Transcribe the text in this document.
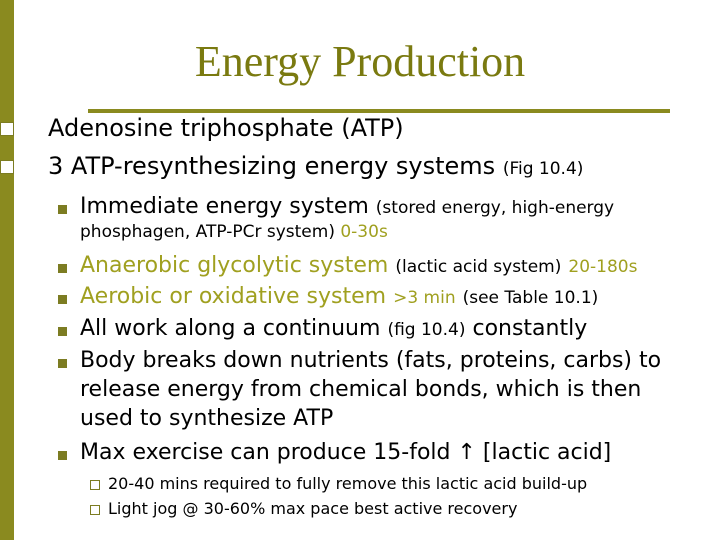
Energy Production
Adenosine triphosphate (ATP)
3 ATP-resynthesizing energy systems (Fig 10.4)
Immediate energy system (stored energy, high-energy
phosphagen, ATP-PCr system) 0-30s
Anaerobic glycolytic system (lactic acid system) 20-180s
Aerobic or oxidative system >3 min (see Table 10.1)
All work along a continuum (fig 10.4) constantly
Body breaks down nutrients (fats, proteins, carbs) to
release energy from chemical bonds, which is then
used to synthesize ATP
Max exercise can produce 15-fold ↑ [lactic acid]
20-40 mins required to fully remove this lactic acid build-up
Light jog @ 30-60% max pace best active recovery
